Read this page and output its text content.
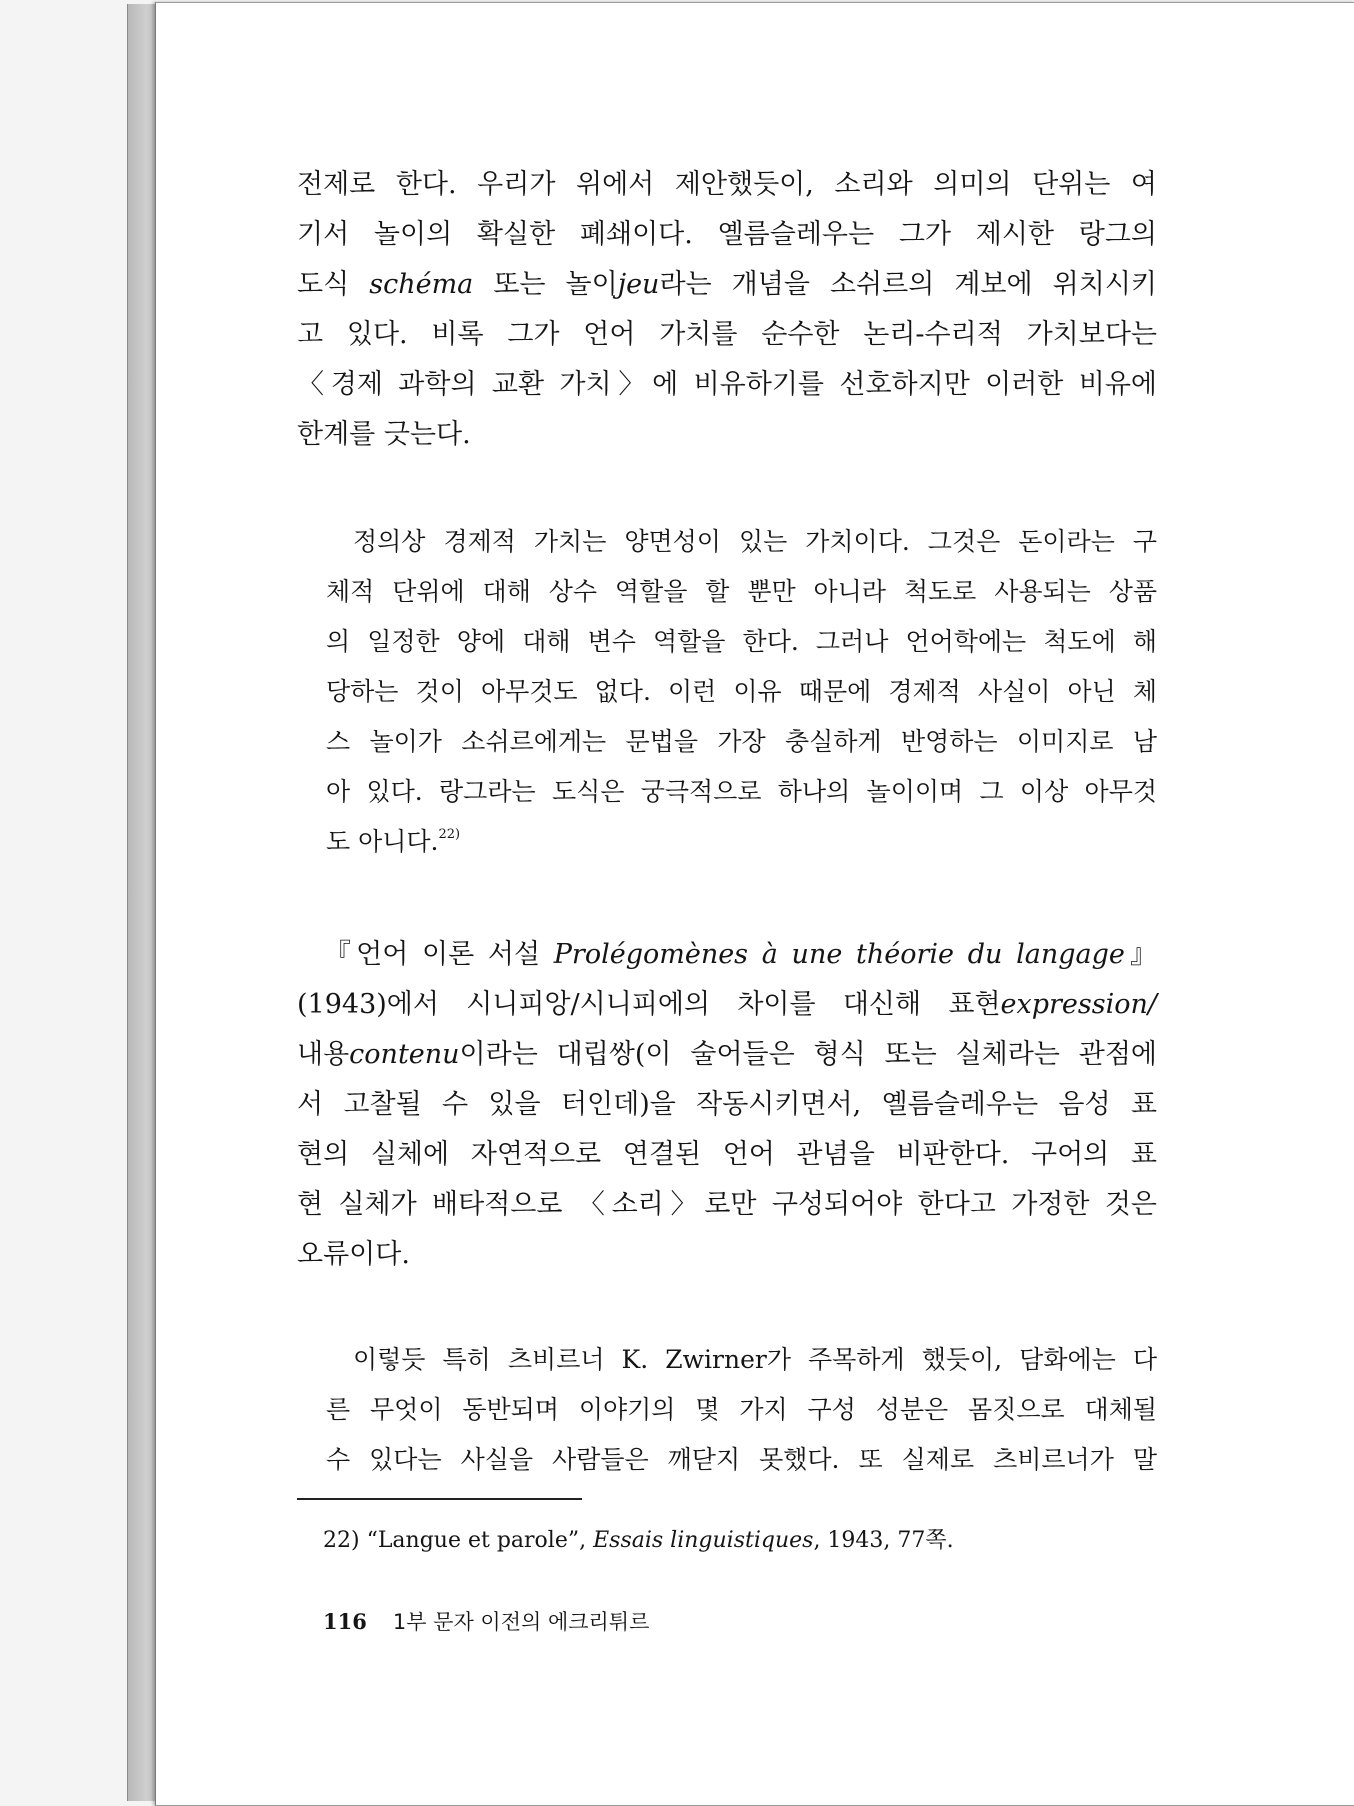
전제로 한다. 우리가 위에서 제안했듯이, 소리와 의미의 단위는 여
기서 놀이의 확실한 폐쇄이다. 옐름슬레우는 그가 제시한 랑그의
도식 schéma 또는 놀이jeu라는 개념을 소쉬르의 계보에 위치시키
고 있다. 비록 그가 언어 가치를 순수한 논리-수리적 가치보다는
〈경제 과학의 교환 가치〉에 비유하기를 선호하지만 이러한 비유에
한계를 긋는다.

정의상 경제적 가치는 양면성이 있는 가치이다. 그것은 돈이라는 구
체적 단위에 대해 상수 역할을 할 뿐만 아니라 척도로 사용되는 상품
의 일정한 양에 대해 변수 역할을 한다. 그러나 언어학에는 척도에 해
당하는 것이 아무것도 없다. 이런 이유 때문에 경제적 사실이 아닌 체
스 놀이가 소쉬르에게는 문법을 가장 충실하게 반영하는 이미지로 남
아 있다. 랑그라는 도식은 궁극적으로 하나의 놀이이며 그 이상 아무것
도 아니다.$^{22)}$

『언어 이론 서설 Prolégomènes à une théorie du langage』
(1943)에서 시니피앙/시니피에의 차이를 대신해 표현expression/
내용contenu이라는 대립쌍(이 술어들은 형식 또는 실체라는 관점에
서 고찰될 수 있을 터인데)을 작동시키면서, 옐름슬레우는 음성 표
현의 실체에 자연적으로 연결된 언어 관념을 비판한다. 구어의 표
현 실체가 배타적으로 〈소리〉로만 구성되어야 한다고 가정한 것은
오류이다.

이렇듯 특히 츠비르너 K. Zwirner가 주목하게 했듯이, 담화에는 다
른 무엇이 동반되며 이야기의 몇 가지 구성 성분은 몸짓으로 대체될
수 있다는 사실을 사람들은 깨닫지 못했다. 또 실제로 츠비르너가 말

22) “Langue et parole”, Essais linguistiques, 1943, 77쪽.
116 1부 문자 이전의 에크리튀르
